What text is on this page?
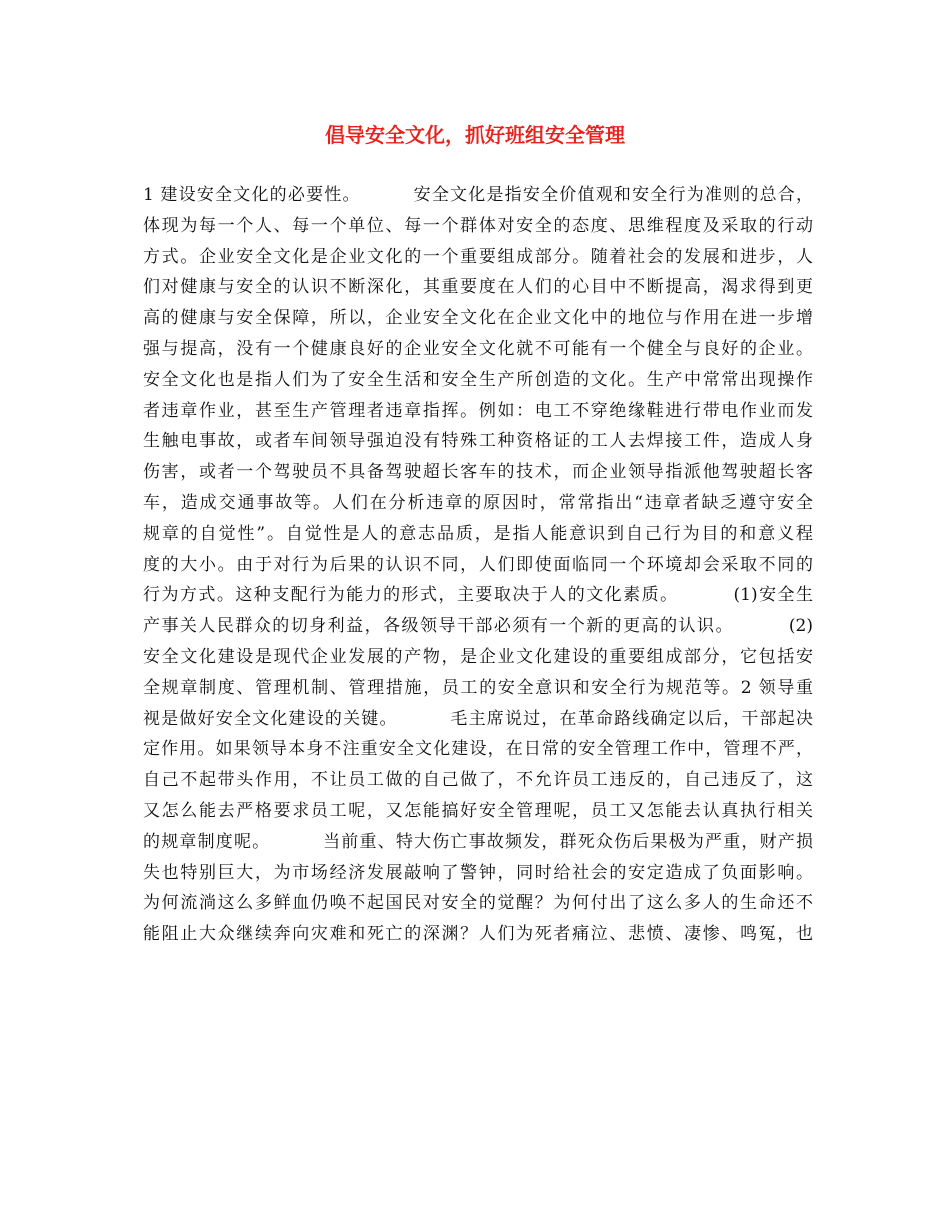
倡导安全文化，抓好班组安全管理
1 建设安全文化的必要性。        安全文化是指安全价值观和安全行为准则的总合，
体现为每一个人、每一个单位、每一个群体对安全的态度、思维程度及采取的行动
方式。企业安全文化是企业文化的一个重要组成部分。随着社会的发展和进步，人
们对健康与安全的认识不断深化，其重要度在人们的心目中不断提高，渴求得到更
高的健康与安全保障，所以，企业安全文化在企业文化中的地位与作用在进一步增
强与提高，没有一个健康良好的企业安全文化就不可能有一个健全与良好的企业。
安全文化也是指人们为了安全生活和安全生产所创造的文化。生产中常常出现操作
者违章作业，甚至生产管理者违章指挥。例如：电工不穿绝缘鞋进行带电作业而发
生触电事故，或者车间领导强迫没有特殊工种资格证的工人去焊接工件，造成人身
伤害，或者一个驾驶员不具备驾驶超长客车的技术，而企业领导指派他驾驶超长客
车，造成交通事故等。人们在分析违章的原因时，常常指出“违章者缺乏遵守安全
规章的自觉性”。自觉性是人的意志品质，是指人能意识到自己行为目的和意义程
度的大小。由于对行为后果的认识不同，人们即使面临同一个环境却会采取不同的
行为方式。这种支配行为能力的形式，主要取决于人的文化素质。        (1)安全生
产事关人民群众的切身利益，各级领导干部必须有一个新的更高的认识。        (2)
安全文化建设是现代企业发展的产物，是企业文化建设的重要组成部分，它包括安
全规章制度、管理机制、管理措施，员工的安全意识和安全行为规范等。2 领导重
视是做好安全文化建设的关键。        毛主席说过，在革命路线确定以后，干部起决
定作用。如果领导本身不注重安全文化建设，在日常的安全管理工作中，管理不严，
自己不起带头作用，不让员工做的自己做了，不允许员工违反的，自己违反了，这
又怎么能去严格要求员工呢，又怎能搞好安全管理呢，员工又怎能去认真执行相关
的规章制度呢。        当前重、特大伤亡事故频发，群死众伤后果极为严重，财产损
失也特别巨大，为市场经济发展敲响了警钟，同时给社会的安定造成了负面影响。
为何流淌这么多鲜血仍唤不起国民对安全的觉醒？为何付出了这么多人的生命还不
能阻止大众继续奔向灾难和死亡的深渊？人们为死者痛泣、悲愤、凄惨、鸣冤，也
